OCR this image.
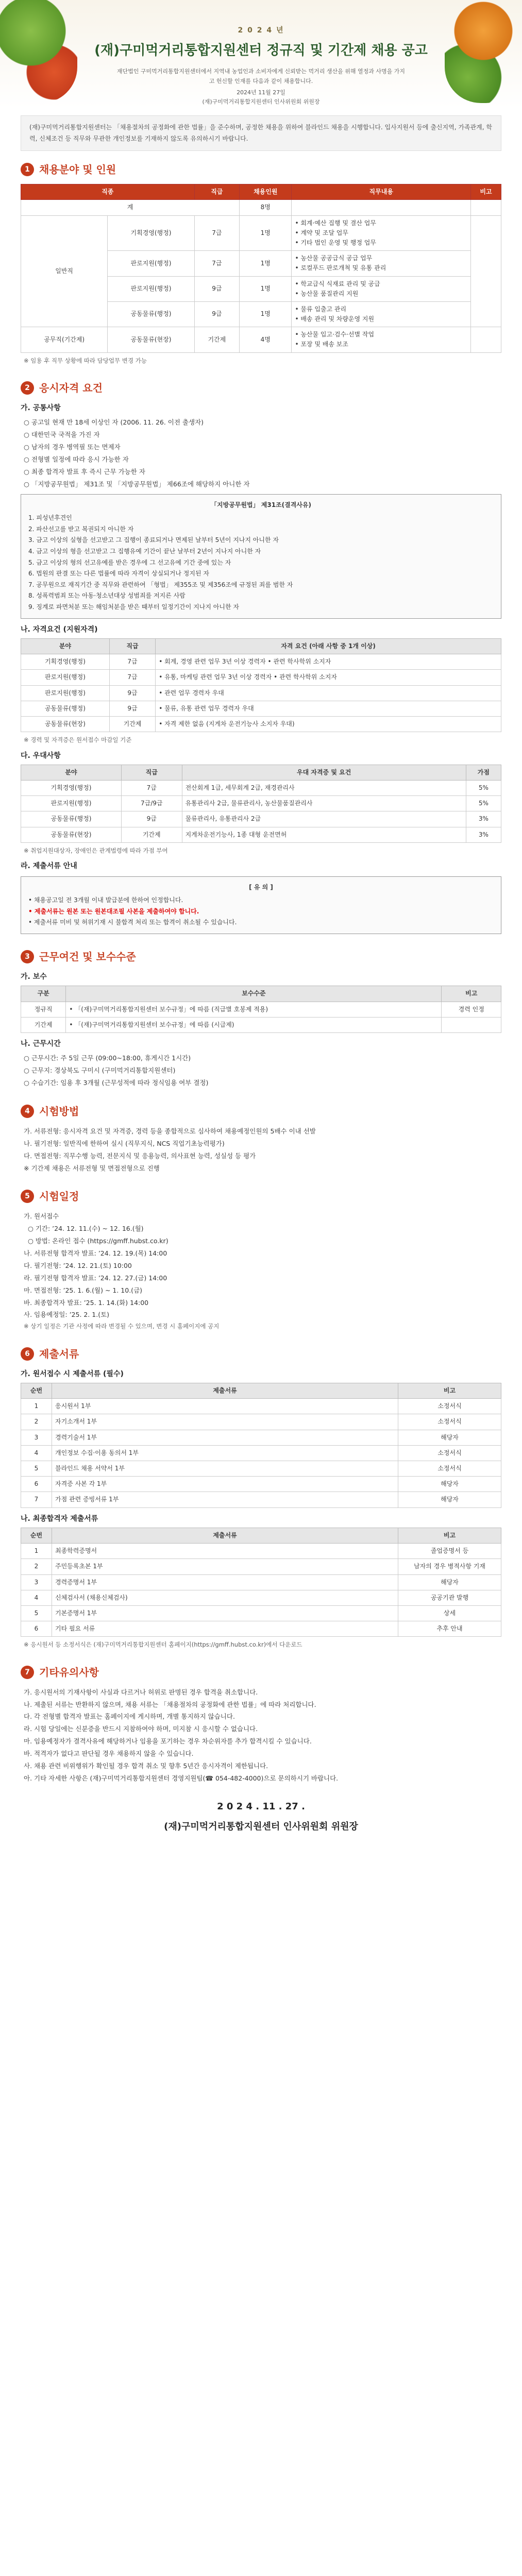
2 0 2 4 년
(재)구미먹거리통합지원센터 정규직 및 기간제 채용 공고
재단법인 구미먹거리통합지원센터에서 지역내 농업인과 소비자에게 신뢰받는 먹거리 생산을 위해 열정과 사명을 가지고 헌신할 인재를 다음과 같이 채용합니다.
2024년 11월 27일
(재)구미먹거리통합지원센터 인사위원회 위원장
(재)구미먹거리통합지원센터는 「채용절차의 공정화에 관한 법률」을 준수하며, 공정한 채용을 위하여 블라인드 채용을 시행합니다. 입사지원서 등에 출신지역, 가족관계, 학력, 신체조건 등 직무와 무관한 개인정보를 기재하지 않도록 유의하시기 바랍니다.
1 채용분야 및 인원
직종		직급	채용인원	직무내용	비고
계			8명		
일반직	기획경영(행정)	7급	1명	• 회계·예산 집행 및 결산 업무
• 계약 및 조달 업무
• 기타 법인 운영 및 행정 업무	
	판로지원(행정)	7급	1명	• 농산물 공공급식 공급 업무
• 로컬푸드 판로개척 및 유통 관리	
	판로지원(행정)	9급	1명	• 학교급식 식재료 관리 및 공급
• 농산물 품질관리 지원	
	공동물류(행정)	9급	1명	• 물류 입출고 관리
• 배송 관리 및 차량운영 지원	
공무직(기간제)	공동물류(현장)	기간제	4명	• 농산물 입고·검수·선별 작업
• 포장 및 배송 보조	
※ 임용 후 직무 상황에 따라 담당업무 변경 가능
2 응시자격 요건
가. 공통사항
○ 공고일 현재 만 18세 이상인 자 (2006. 11. 26. 이전 출생자)
○ 대한민국 국적을 가진 자
○ 남자의 경우 병역필 또는 면제자
○ 전형별 일정에 따라 응시 가능한 자
○ 최종 합격자 발표 후 즉시 근무 가능한 자
○ 「지방공무원법」 제31조 및 「지방공무원법」 제66조에 해당하지 아니한 자
「지방공무원법」 제31조(결격사유)
1. 피성년후견인
2. 파산선고를 받고 복권되지 아니한 자
3. 금고 이상의 실형을 선고받고 그 집행이 종료되거나 면제된 날부터 5년이 지나지 아니한 자
4. 금고 이상의 형을 선고받고 그 집행유예 기간이 끝난 날부터 2년이 지나지 아니한 자
5. 금고 이상의 형의 선고유예를 받은 경우에 그 선고유예 기간 중에 있는 자
6. 법원의 판결 또는 다른 법률에 따라 자격이 상실되거나 정지된 자
7. 공무원으로 재직기간 중 직무와 관련하여 「형법」 제355조 및 제356조에 규정된 죄를 범한 자
8. 성폭력범죄 또는 아동·청소년대상 성범죄를 저지른 사람
9. 징계로 파면처분 또는 해임처분을 받은 때부터 일정기간이 지나지 아니한 자
나. 자격요건 (지원자격)
분야	직급	자격 요건 (아래 사항 중 1개 이상)
기획경영(행정)	7급	• 회계, 경영 관련 업무 3년 이상 경력자 • 관련 학사학위 소지자
판로지원(행정)	7급	• 유통, 마케팅 관련 업무 3년 이상 경력자 • 관련 학사학위 소지자
판로지원(행정)	9급	• 관련 업무 경력자 우대
공동물류(행정)	9급	• 물류, 유통 관련 업무 경력자 우대
공동물류(현장)	기간제	• 자격 제한 없음 (지게차 운전기능사 소지자 우대)
※ 경력 및 자격증은 원서접수 마감일 기준
다. 우대사항
분야	직급	우대 자격증 및 요건	가점
기획경영(행정)	7급	전산회계 1급, 세무회계 2급, 재경관리사	5%
판로지원(행정)	7급/9급	유통관리사 2급, 물류관리사, 농산물품질관리사	5%
공동물류(행정)	9급	물류관리사, 유통관리사 2급	3%
공동물류(현장)	기간제	지게차운전기능사, 1종 대형 운전면허	3%
※ 취업지원대상자, 장애인은 관계법령에 따라 가점 부여
라. 제출서류 안내
[ 유 의 ]
• 채용공고일 전 3개월 이내 발급분에 한하여 인정합니다.
• 제출서류는 원본 또는 원본대조필 사본을 제출하여야 합니다.
• 제출서류 미비 및 허위기재 시 불합격 처리 또는 합격이 취소될 수 있습니다.
3 근무여건 및 보수수준
가. 보수
구분	보수수준	비고
정규직	• 「(재)구미먹거리통합지원센터 보수규정」에 따름 (직급별 호봉제 적용)	경력 인정
기간제	• 「(재)구미먹거리통합지원센터 보수규정」에 따름 (시급제)	
나. 근무시간
○ 근무시간: 주 5일 근무 (09:00~18:00, 휴게시간 1시간)
○ 근무지: 경상북도 구미시 (구미먹거리통합지원센터)
○ 수습기간: 임용 후 3개월 (근무성적에 따라 정식임용 여부 결정)
4 시험방법
가. 서류전형: 응시자격 요건 및 자격증, 경력 등을 종합적으로 심사하여 채용예정인원의 5배수 이내 선발
나. 필기전형: 일반직에 한하여 실시 (직무지식, NCS 직업기초능력평가)
다. 면접전형: 직무수행 능력, 전문지식 및 응용능력, 의사표현 능력, 성실성 등 평가
※ 기간제 채용은 서류전형 및 면접전형으로 진행
5 시험일정
가. 원서접수
○ 기간: ’24. 12. 11.(수) ~ 12. 16.(월)
○ 방법: 온라인 접수 (https://gmff.hubst.co.kr)
나. 서류전형 합격자 발표: ’24. 12. 19.(목) 14:00
다. 필기전형: ’24. 12. 21.(토) 10:00
라. 필기전형 합격자 발표: ’24. 12. 27.(금) 14:00
마. 면접전형: ’25. 1. 6.(월) ~ 1. 10.(금)
바. 최종합격자 발표: ’25. 1. 14.(화) 14:00
사. 임용예정일: ’25. 2. 1.(토)
※ 상기 일정은 기관 사정에 따라 변경될 수 있으며, 변경 시 홈페이지에 공지
6 제출서류
가. 원서접수 시 제출서류 (필수)
순번	제출서류	비고
1	응시원서 1부	소정서식
2	자기소개서 1부	소정서식
3	경력기술서 1부	해당자
4	개인정보 수집·이용 동의서 1부	소정서식
5	블라인드 채용 서약서 1부	소정서식
6	자격증 사본 각 1부	해당자
7	가점 관련 증빙서류 1부	해당자
나. 최종합격자 제출서류
순번	제출서류	비고
1	최종학력증명서	졸업증명서 등
2	주민등록초본 1부	남자의 경우 병적사항 기재
3	경력증명서 1부	해당자
4	신체검사서 (채용신체검사)	공공기관 발행
5	기본증명서 1부	상세
6	기타 필요 서류	추후 안내
※ 응시원서 등 소정서식은 (재)구미먹거리통합지원센터 홈페이지(https://gmff.hubst.co.kr)에서 다운로드
7 기타유의사항
가. 응시원서의 기재사항이 사실과 다르거나 허위로 판명된 경우 합격을 취소합니다.
나. 제출된 서류는 반환하지 않으며, 채용 서류는 「채용절차의 공정화에 관한 법률」에 따라 처리합니다.
다. 각 전형별 합격자 발표는 홈페이지에 게시하며, 개별 통지하지 않습니다.
라. 시험 당일에는 신분증을 반드시 지참하여야 하며, 미지참 시 응시할 수 없습니다.
마. 임용예정자가 결격사유에 해당하거나 임용을 포기하는 경우 차순위자를 추가 합격시킬 수 있습니다.
바. 적격자가 없다고 판단될 경우 채용하지 않을 수 있습니다.
사. 채용 관련 비위행위가 확인될 경우 합격 취소 및 향후 5년간 응시자격이 제한됩니다.
아. 기타 자세한 사항은 (재)구미먹거리통합지원센터 경영지원팀(☎ 054-482-4000)으로 문의하시기 바랍니다.
2 0 2 4 . 11 . 27 .
(재)구미먹거리통합지원센터 인사위원회 위원장
